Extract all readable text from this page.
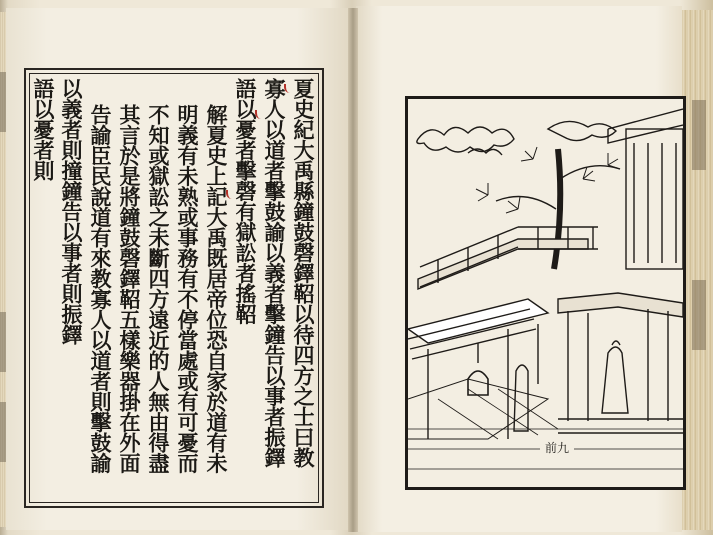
夏史紀大禹縣鐘鼓磬鐸鞀以待四方之士曰教
寡人以道者擊鼓諭以義者擊鐘告以事者振鐸
語以憂者擊磬有獄訟者搖鞀
解夏史上記大禹既居帝位恐自家於道有未
明義有未熟或事務有不停當處或有可憂而
不知或獄訟之未斷四方遠近的人無由得盡
其言於是將鐘鼓磬鐸鞀五樣樂器掛在外面
告諭臣民說道有來教寡人以道者則擊鼓諭
以義者則撞鐘告以事者則振鐸
語以憂者則
前九
